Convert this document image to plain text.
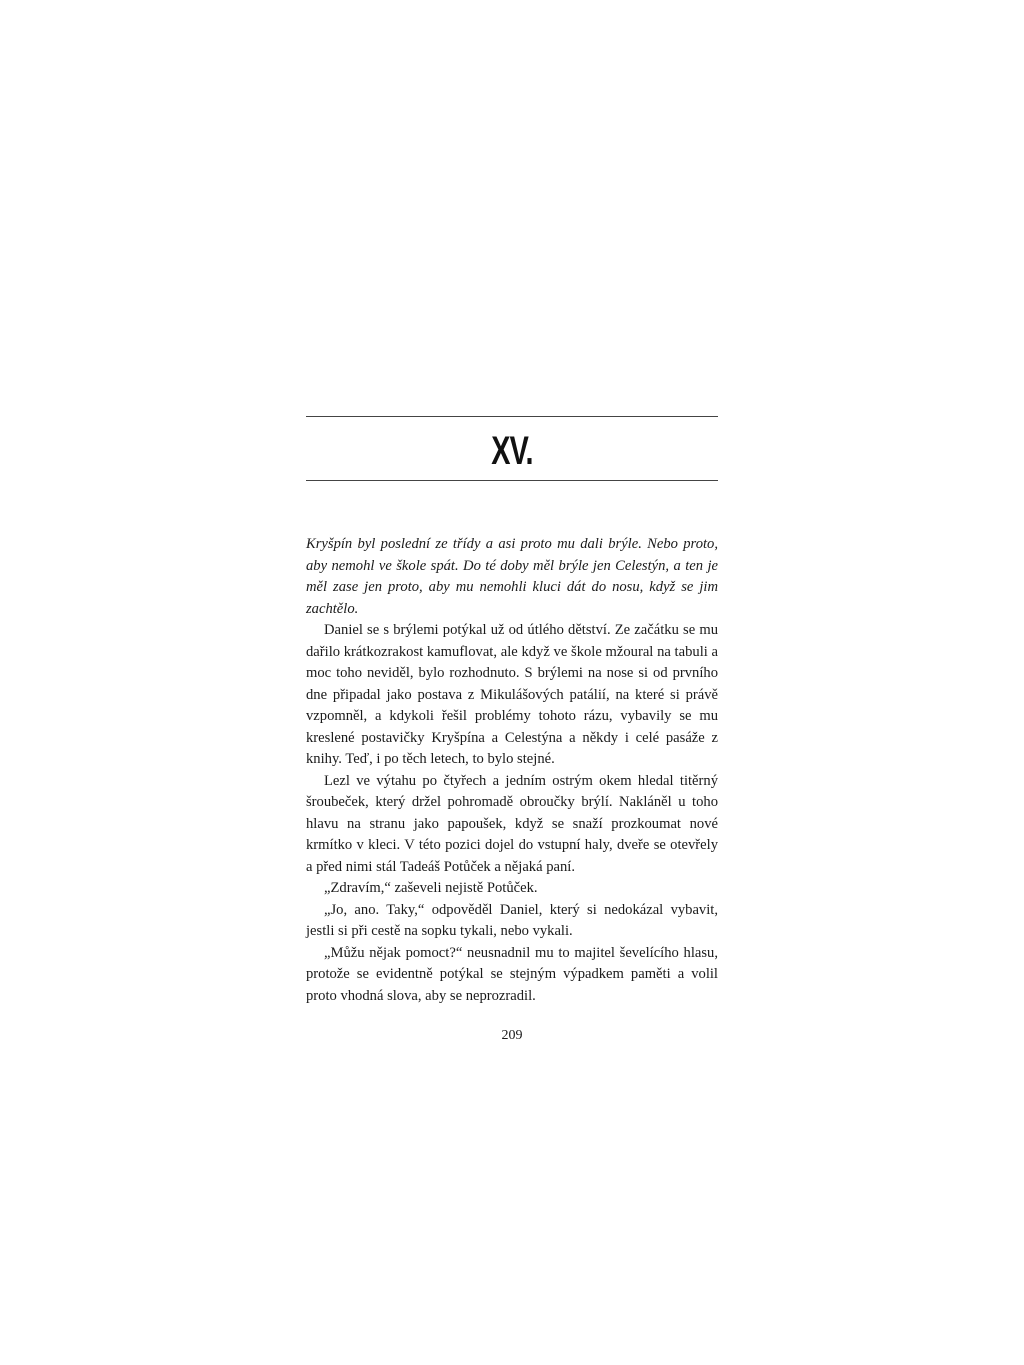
XV.

Kryšpín byl poslední ze třídy a asi proto mu dali brýle. Nebo proto, aby nemohl ve škole spát. Do té doby měl brýle jen Celestýn, a ten je měl zase jen proto, aby mu nemohli kluci dát do nosu, když se jim zachtělo.

Daniel se s brýlemi potýkal už od útlého dětství. Ze začátku se mu dařilo krátkozrakost kamuflovat, ale když ve škole mžoural na tabuli a moc toho neviděl, bylo rozhodnuto. S brýlemi na nose si od prvního dne připadal jako postava z Mikulášových patálií, na které si právě vzpomněl, a kdykoli řešil problémy tohoto rázu, vybavily se mu kreslené postavičky Kryšpína a Celestýna a někdy i celé pasáže z knihy. Teď, i po těch letech, to bylo stejné.

Lezl ve výtahu po čtyřech a jedním ostrým okem hledal titěrný šroubeček, který držel pohromadě obroučky brýlí. Nakláněl u toho hlavu na stranu jako papoušek, když se snaží prozkoumat nové krmítko v kleci. V této pozici dojel do vstupní haly, dveře se otevřely a před nimi stál Tadeáš Potůček a nějaká paní.

„Zdravím,“ zaševeli nejistě Potůček.

„Jo, ano. Taky,“ odpověděl Daniel, který si nedokázal vybavit, jestli si při cestě na sopku tykali, nebo vykali.

„Můžu nějak pomoct?“ neusnadnil mu to majitel ševelícího hlasu, protože se evidentně potýkal se stejným výpadkem paměti a volil proto vhodná slova, aby se neprozradil.

209
